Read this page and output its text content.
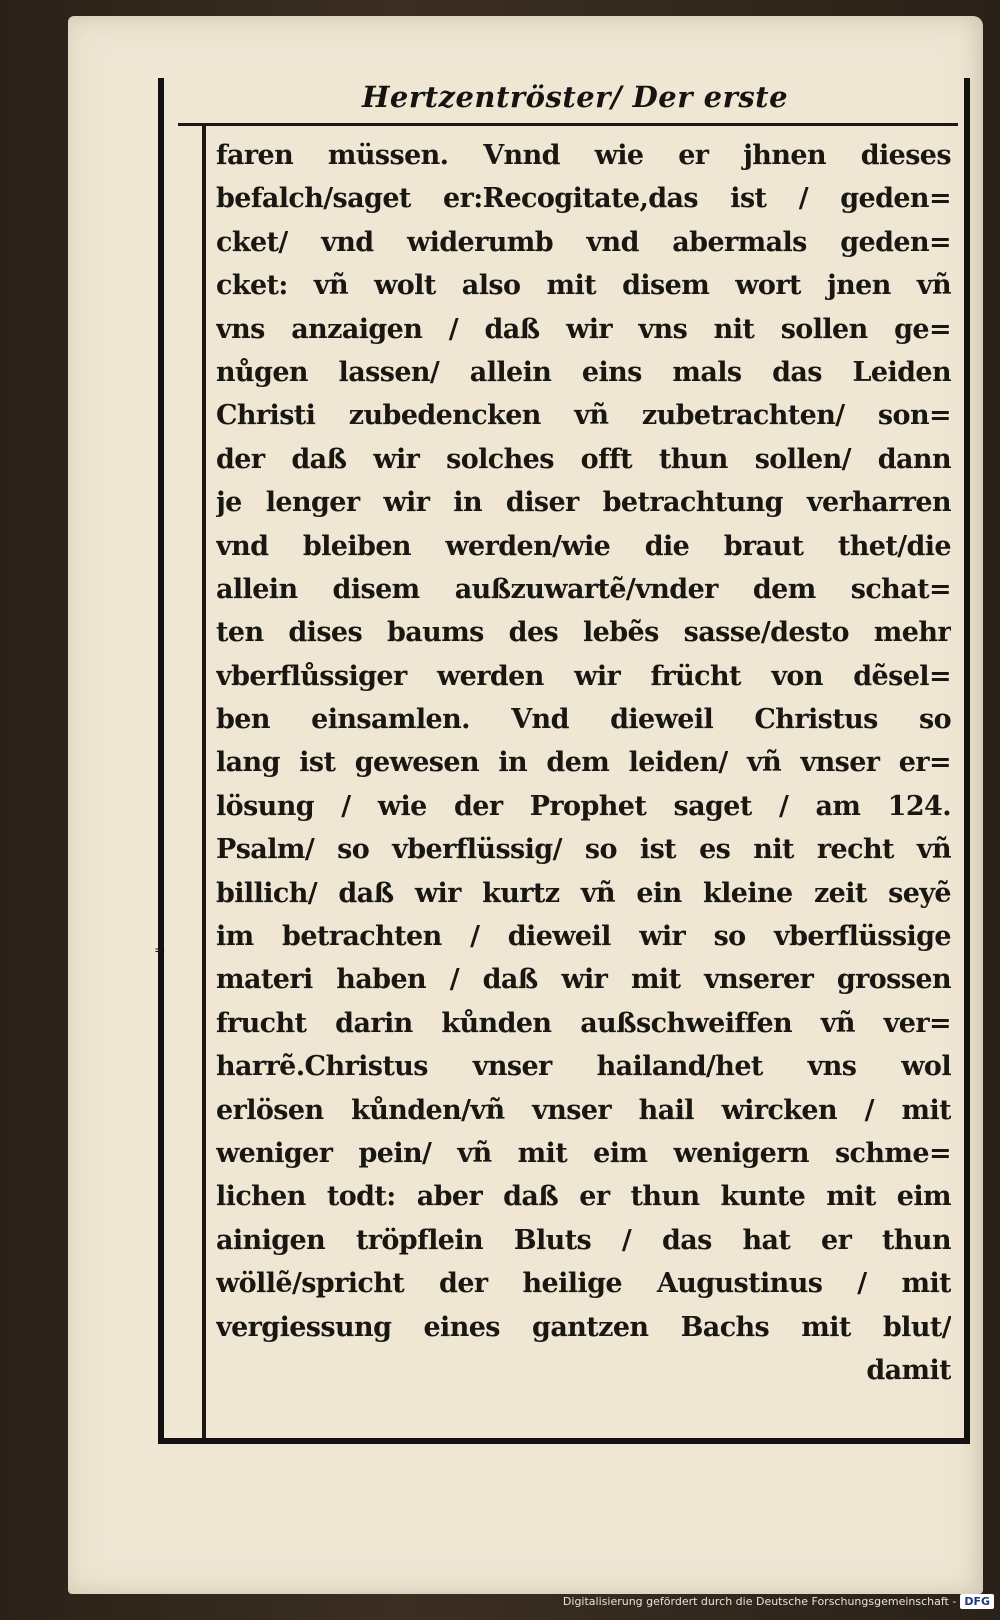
Hertzentröster/ Der erste
₌
faren müssen. Vnnd wie er jhnen dieses
befalch/saget er:Recogitate,das ist / geden=
cket/ vnd widerumb vnd abermals geden=
cket: vñ wolt also mit disem wort jnen vñ
vns anzaigen / daß wir vns nit sollen ge=
nůgen lassen/ allein eins mals das Leiden
Christi zubedencken vñ zubetrachten/ son=
der daß wir solches offt thun sollen/ dann
je lenger wir in diser betrachtung verharren
vnd bleiben werden/wie die braut thet/die
allein disem außzuwartẽ/vnder dem schat=
ten dises baums des lebẽs sasse/desto mehr
vberflůssiger werden wir frücht von dẽsel=
ben einsamlen. Vnd dieweil Christus so
lang ist gewesen in dem leiden/ vñ vnser er=
lösung / wie der Prophet saget / am 124.
Psalm/ so vberflüssig/ so ist es nit recht vñ
billich/ daß wir kurtz vñ ein kleine zeit seyẽ
im betrachten / dieweil wir so vberflüssige
materi haben / daß wir mit vnserer grossen
frucht darin kůnden außschweiffen vñ ver=
harrẽ.Christus vnser hailand/het vns wol
erlösen kůnden/vñ vnser hail wircken / mit
weniger pein/ vñ mit eim wenigern schme=
lichen todt: aber daß er thun kunte mit eim
ainigen tröpflein Bluts / das hat er thun
wöllẽ/spricht der heilige Augustinus / mit
vergiessung eines gantzen Bachs mit blut/
damit
Digitalisierung gefördert durch die Deutsche Forschungsgemeinschaft - DFG
